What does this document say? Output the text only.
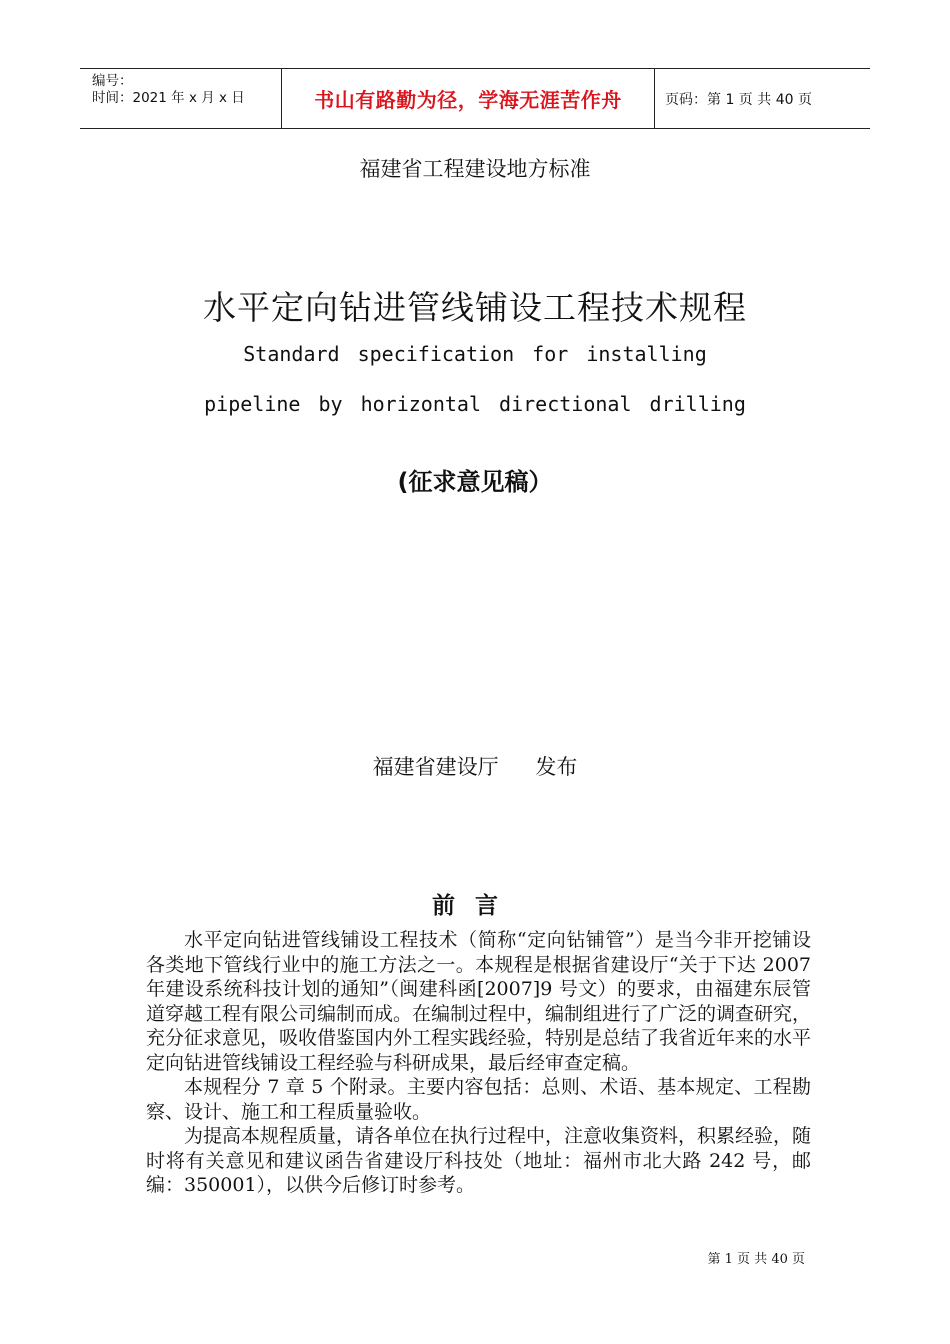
编号：
时间：2021 年 x 月 x 日	书山有路勤为径，学海无涯苦作舟	页码：第 1 页 共 40 页
福建省工程建设地方标准
水平定向钻进管线铺设工程技术规程
Standard specification for installing
pipeline by horizontal directional drilling
(征求意见稿）
福建省建设厅 发布
前言

水平定向钻进管线铺设工程技术（简称“定向钻铺管”）是当今非开挖铺设各类地下管线行业中的施工方法之一。本规程是根据省建设厅“关于下达 2007 年建设系统科技计划的通知”（闽建科函[2007]9 号文）的要求，由福建东辰管道穿越工程有限公司编制而成。在编制过程中，编制组进行了广泛的调查研究，充分征求意见，吸收借鉴国内外工程实践经验，特别是总结了我省近年来的水平定向钻进管线铺设工程经验与科研成果，最后经审查定稿。

本规程分 7 章 5 个附录。主要内容包括：总则、术语、基本规定、工程勘察、设计、施工和工程质量验收。

为提高本规程质量，请各单位在执行过程中，注意收集资料，积累经验，随时将有关意见和建议函告省建设厅科技处（地址：福州市北大路 242 号，邮编：350001），以供今后修订时参考。

第 1 页 共 40 页
